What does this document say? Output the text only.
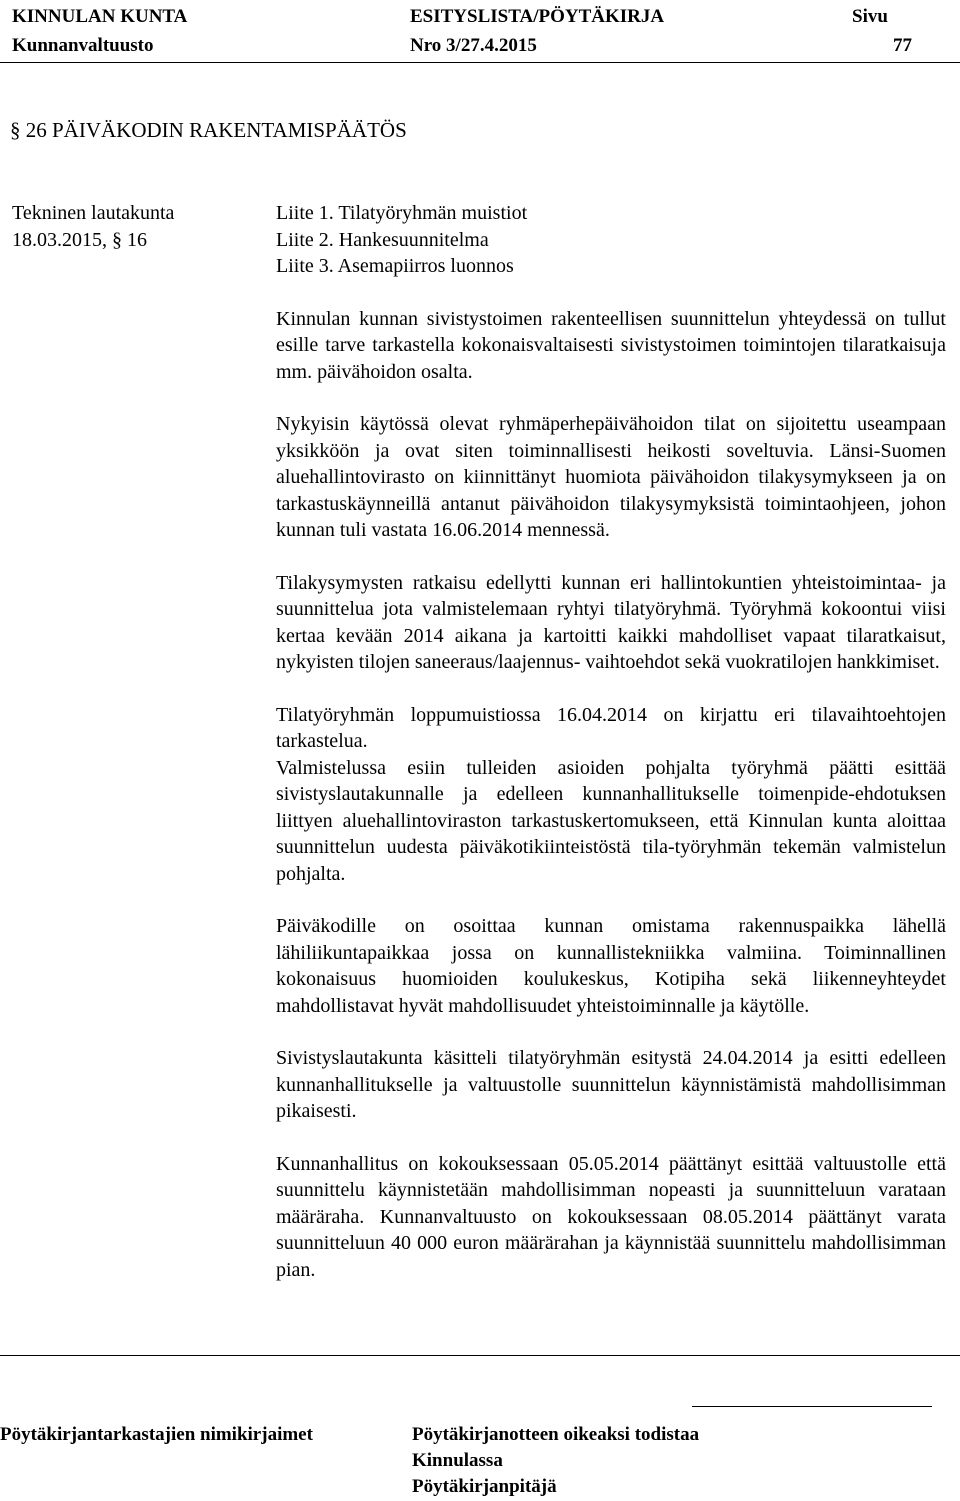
KINNULAN KUNTA	ESITYSLISTA/PÖYTÄKIRJA	Sivu
Kunnanvaltuusto	Nro 3/27.4.2015	77
§ 26 PÄIVÄKODIN RAKENTAMISPÄÄTÖS
Tekninen lautakunta
18.03.2015, § 16
Liite 1. Tilatyöryhmän muistiot
Liite 2. Hankesuunnitelma
Liite 3. Asemapiirros luonnos

Kinnulan kunnan sivistystoimen rakenteellisen suunnittelun yhteydessä on tullut esille tarve tarkastella kokonaisvaltaisesti sivistystoimen toimintojen tilaratkaisuja mm. päivähoidon osalta.

Nykyisin käytössä olevat ryhmäperhepäivähoidon tilat on sijoitettu useampaan yksikköön ja ovat siten toiminnallisesti heikosti soveltuvia. Länsi-Suomen aluehallintovirasto on kiinnittänyt huomiota päivähoidon tilakysymykseen ja on tarkastuskäynneillä antanut päivähoidon tilakysymyksistä toimintaohjeen, johon kunnan tuli vastata 16.06.2014 mennessä.

Tilakysymysten ratkaisu edellytti kunnan eri hallintokuntien yhteistoimintaa- ja suunnittelua jota valmistelemaan ryhtyi tilatyöryhmä. Työryhmä kokoontui viisi kertaa kevään 2014 aikana ja kartoitti kaikki mahdolliset vapaat tilaratkaisut, nykyisten tilojen saneeraus/laajennus- vaihtoehdot sekä vuokratilojen hankkimiset.

Tilatyöryhmän loppumuistiossa 16.04.2014 on kirjattu eri tilavaihtoehtojen tarkastelua.

Valmistelussa esiin tulleiden asioiden pohjalta työryhmä päätti esittää sivistyslautakunnalle ja edelleen kunnanhallitukselle toimenpide-ehdotuksen liittyen aluehallintoviraston tarkastuskertomukseen, että Kinnulan kunta aloittaa suunnittelun uudesta päiväkotikiinteistöstä tila-työryhmän tekemän valmistelun pohjalta.

Päiväkodille on osoittaa kunnan omistama rakennuspaikka lähellä lähiliikuntapaikkaa jossa on kunnallistekniikka valmiina. Toiminnallinen kokonaisuus huomioiden koulukeskus, Kotipiha sekä liikenneyhteydet mahdollistavat hyvät mahdollisuudet yhteistoiminnalle ja käytölle.

Sivistyslautakunta käsitteli tilatyöryhmän esitystä 24.04.2014 ja esitti edelleen kunnanhallitukselle ja valtuustolle suunnittelun käynnistämistä mahdollisimman pikaisesti.

Kunnanhallitus on kokouksessaan 05.05.2014 päättänyt esittää valtuustolle että suunnittelu käynnistetään mahdollisimman nopeasti ja suunnitteluun varataan määräraha. Kunnanvaltuusto on kokouksessaan 08.05.2014 päättänyt varata suunnitteluun 40 000 euron määrärahan ja käynnistää suunnittelu mahdollisimman pian.

Pöytäkirjantarkastajien nimikirjaimet	Pöytäkirjanotteen oikeaksi todistaa
Kinnulassa
Pöytäkirjanpitäjä
